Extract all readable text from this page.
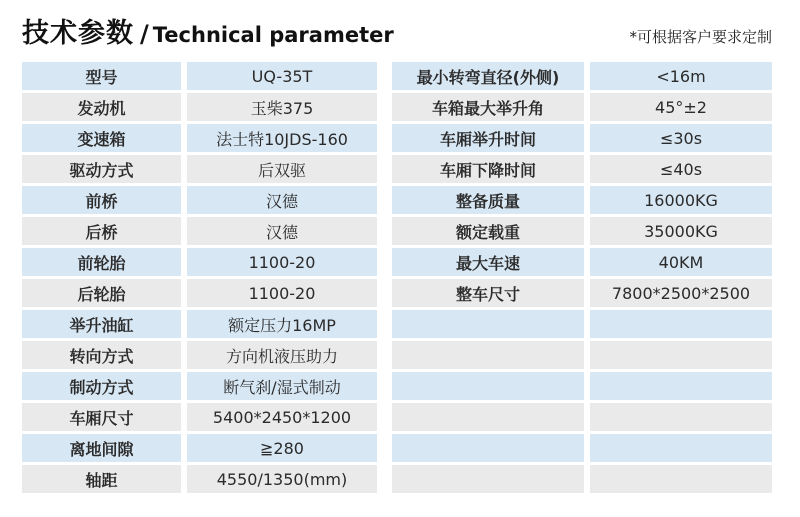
技术参数 / Technical parameter	*可根据客户要求定制
型号	UQ-35T
发动机	玉柴375
变速箱	法士特10JDS-160
驱动方式	后双驱
前桥	汉德
后桥	汉德
前轮胎	1100-20
后轮胎	1100-20
举升油缸	额定压力16MP
转向方式	方向机液压助力
制动方式	断气刹/湿式制动
车厢尺寸	5400*2450*1200
离地间隙	≧280
轴距	4550/1350(mm)
最小转弯直径(外侧)	<16m
车箱最大举升角	45°±2
车厢举升时间	≤30s
车厢下降时间	≤40s
整备质量	16000KG
额定载重	35000KG
最大车速	40KM
整车尺寸	7800*2500*2500
